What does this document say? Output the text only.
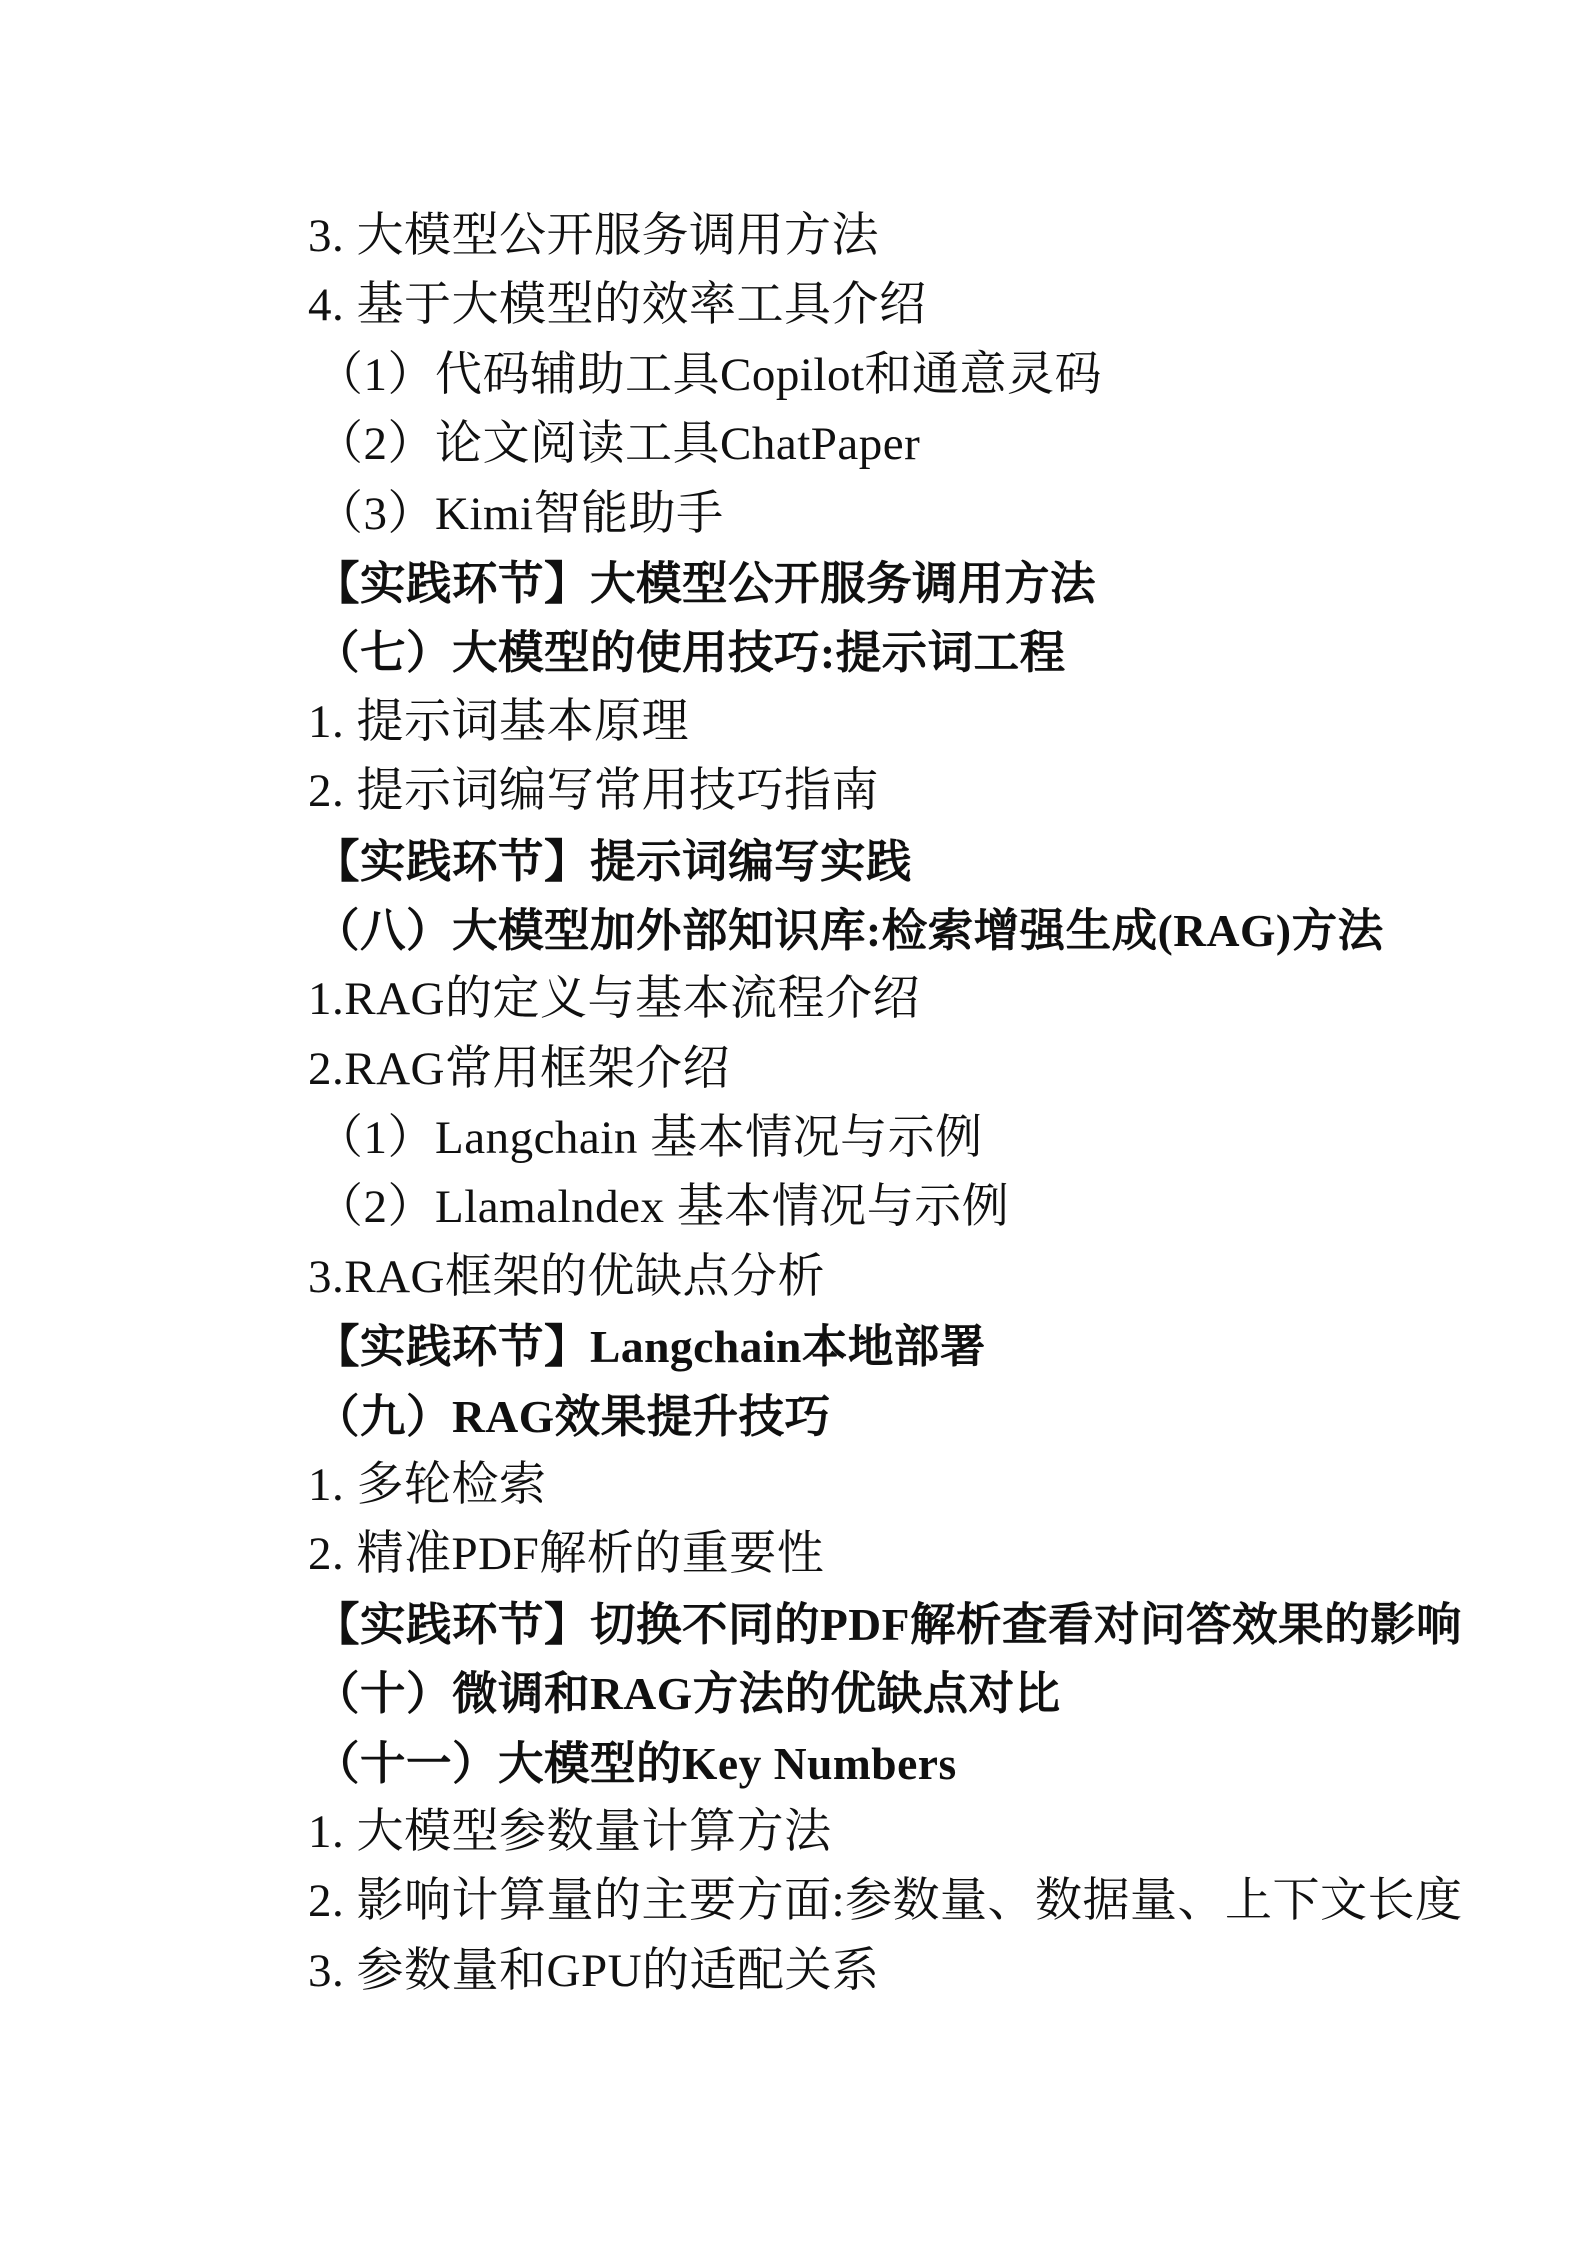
3. 大模型公开服务调用方法
4. 基于大模型的效率工具介绍
（1）代码辅助工具Copilot和通意灵码
（2）论文阅读工具ChatPaper
（3）Kimi智能助手
【实践环节】大模型公开服务调用方法
（七）大模型的使用技巧:提示词工程
1. 提示词基本原理
2. 提示词编写常用技巧指南
【实践环节】提示词编写实践
（八）大模型加外部知识库:检索增强生成(RAG)方法
1.RAG的定义与基本流程介绍
2.RAG常用框架介绍
（1）Langchain 基本情况与示例
（2）Llamalndex 基本情况与示例
3.RAG框架的优缺点分析
【实践环节】Langchain本地部署
（九）RAG效果提升技巧
1. 多轮检索
2. 精准PDF解析的重要性
【实践环节】切换不同的PDF解析查看对问答效果的影响
（十）微调和RAG方法的优缺点对比
（十一）大模型的Key Numbers
1. 大模型参数量计算方法
2. 影响计算量的主要方面:参数量、数据量、上下文长度
3. 参数量和GPU的适配关系
